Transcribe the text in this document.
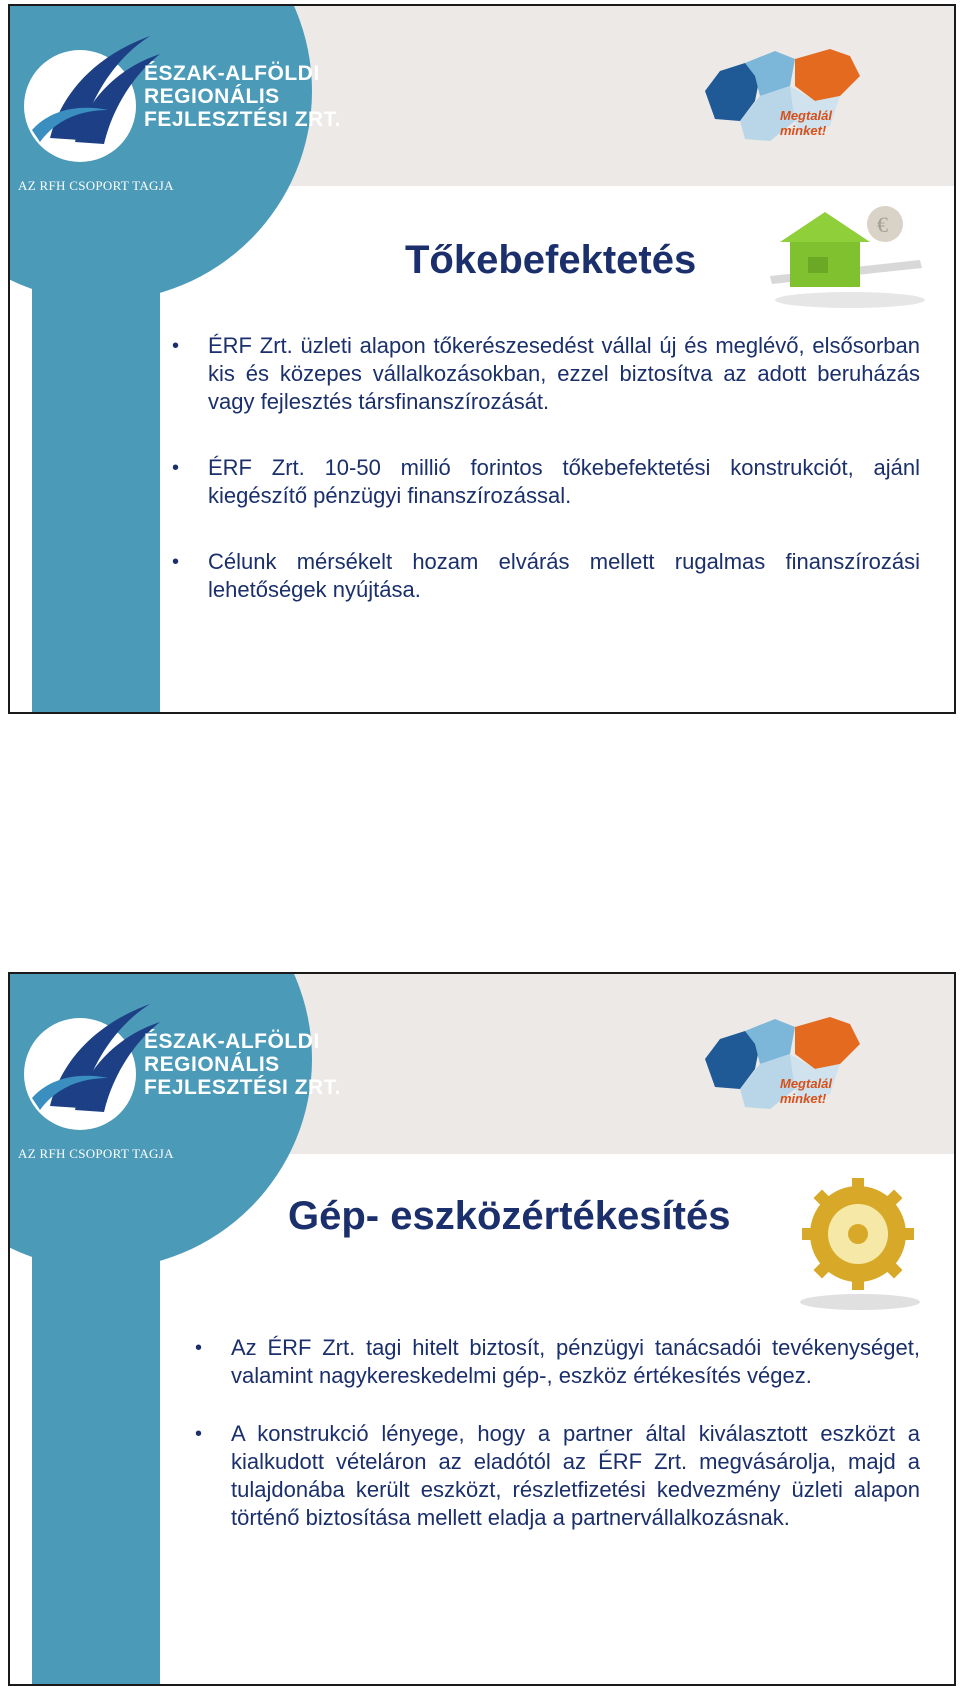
ÉSZAK-ALFÖLDI
REGIONÁLIS
FEJLESZTÉSI ZRT.
AZ RFH CSOPORT TAGJA
Megtalál minket!
Tőkebefektetés
€
• ÉRF Zrt. üzleti alapon tőkerészesedést vállal új és meglévő, elsősorban kis és közepes vállalkozásokban, ezzel biztosítva az adott beruházás vagy fejlesztés társfinanszírozását.
• ÉRF Zrt. 10-50 millió forintos tőkebefektetési konstrukciót, ajánl kiegészítő pénzügyi finanszírozással.
• Célunk mérsékelt hozam elvárás mellett rugalmas finanszírozási lehetőségek nyújtása.
ÉSZAK-ALFÖLDI
REGIONÁLIS
FEJLESZTÉSI ZRT.
AZ RFH CSOPORT TAGJA
Megtalál minket!
Gép- eszközértékesítés
• Az ÉRF Zrt. tagi hitelt biztosít, pénzügyi tanácsadói tevékenységet, valamint nagykereskedelmi gép-, eszköz értékesítés végez.
• A konstrukció lényege, hogy a partner által kiválasztott eszközt a kialkudott vételáron az eladótól az ÉRF Zrt. megvásárolja, majd a tulajdonába került eszközt, részletfizetési kedvezmény üzleti alapon történő biztosítása mellett eladja a partnervállalkozásnak.
